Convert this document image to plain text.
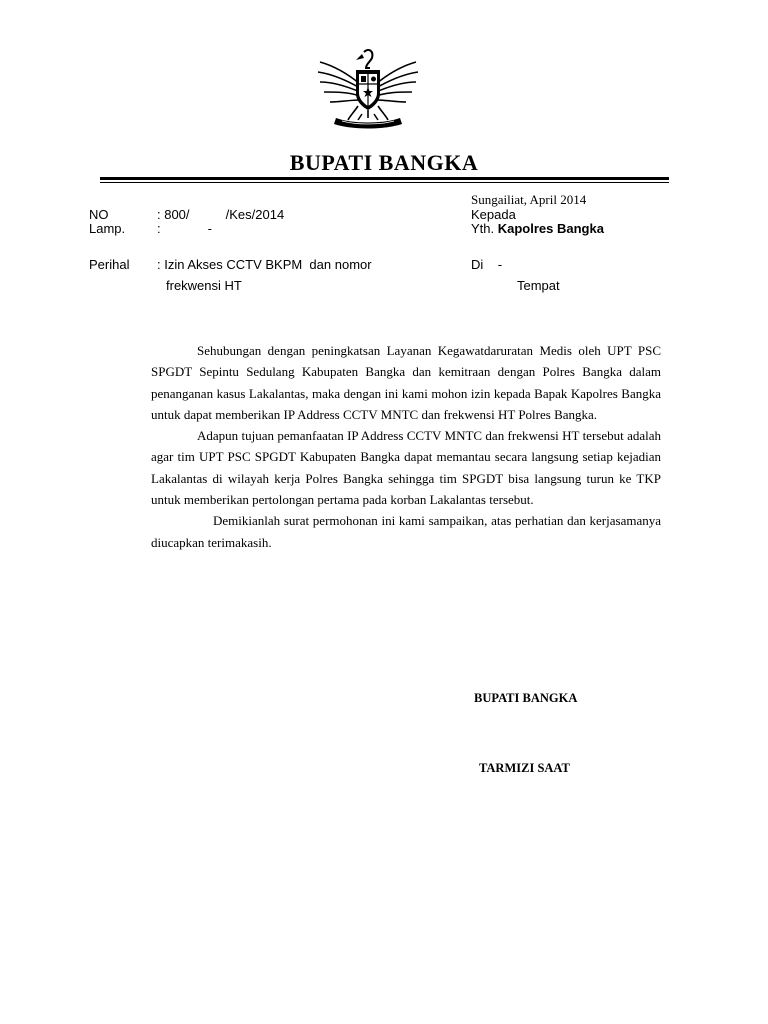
BUPATI BANGKA
Sungailiat, April 2014
Kepada
Yth. Kapolres Bangka
Di    -
Tempat
NO	: 800/          /Kes/2014
Lamp. :             -
Perihal : Izin Akses CCTV BKPM  dan nomor
frekwensi HT

Sehubungan dengan peningkatsan Layanan Kegawatdaruratan Medis oleh UPT PSC SPGDT Sepintu Sedulang Kabupaten Bangka dan kemitraan dengan Polres Bangka dalam penanganan kasus Lakalantas, maka dengan ini kami mohon izin kepada Bapak Kapolres Bangka untuk dapat memberikan IP Address CCTV MNTC dan frekwensi HT Polres Bangka.

Adapun tujuan pemanfaatan IP Address CCTV MNTC dan frekwensi HT tersebut adalah agar tim UPT PSC SPGDT Kabupaten Bangka dapat memantau secara langsung setiap kejadian Lakalantas di wilayah kerja Polres Bangka sehingga tim SPGDT bisa langsung turun ke TKP untuk memberikan pertolongan pertama pada korban Lakalantas tersebut.

Demikianlah surat permohonan ini kami sampaikan, atas perhatian dan kerjasamanya diucapkan terimakasih.

BUPATI BANGKA
TARMIZI SAAT
